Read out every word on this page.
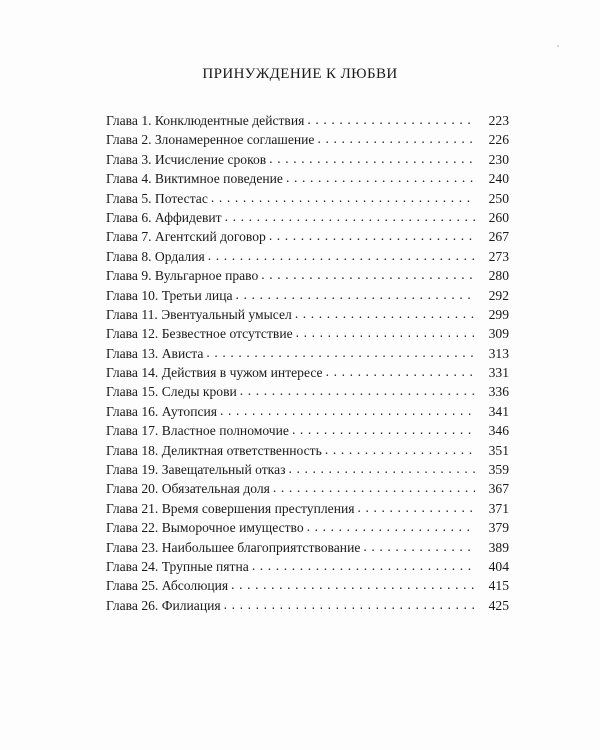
ПРИНУЖДЕНИЕ К ЛЮБВИ
Глава 1. Конклюдентные действия . . .	223
Глава 2. Злонамеренное соглашение . . .	226
Глава 3. Исчисление сроков . . .	230
Глава 4. Виктимное поведение . . .	240
Глава 5. Потестас . . .	250
Глава 6. Аффидевит . . .	260
Глава 7. Агентский договор . . .	267
Глава 8. Ордалия . . .	273
Глава 9. Вульгарное право . . .	280
Глава 10. Третьи лица . . .	292
Глава 11. Эвентуальный умысел . . .	299
Глава 12. Безвестное отсутствие . . .	309
Глава 13. Ависта . . .	313
Глава 14. Действия в чужом интересе . . .	331
Глава 15. Следы крови . . .	336
Глава 16. Аутопсия . . .	341
Глава 17. Властное полномочие . . .	346
Глава 18. Деликтная ответственность . . .	351
Глава 19. Завещательный отказ . . .	359
Глава 20. Обязательная доля . . .	367
Глава 21. Время совершения преступления . . .	371
Глава 22. Выморочное имущество . . .	379
Глава 23. Наибольшее благоприятствование . . .	389
Глава 24. Трупные пятна . . .	404
Глава 25. Абсолюция . . .	415
Глава 26. Филиация . . .	425
